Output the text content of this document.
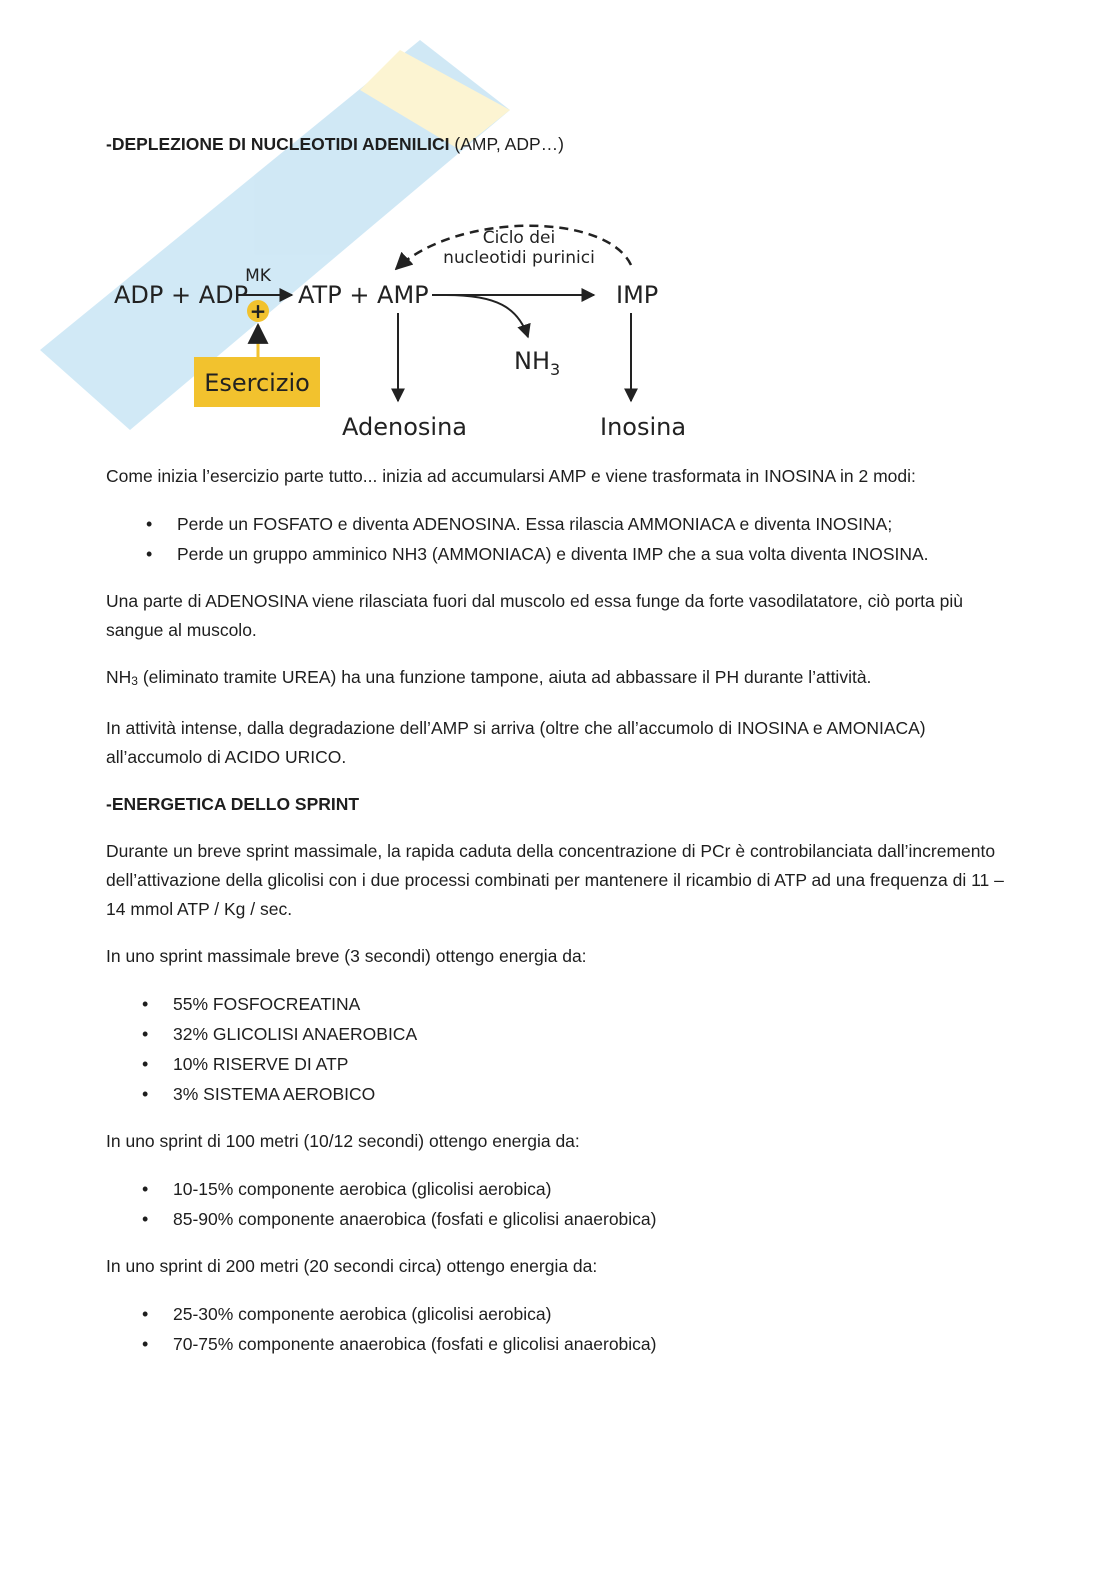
-DEPLEZIONE DI NUCLEOTIDI ADENILICI (AMP, ADP…)
Ciclo dei
nucleotidi purinici
ADP + ADP
MK
+
Esercizio
ATP + AMP	IMP
$NH_3$
Adenosina	Inosina

Come inizia l’esercizio parte tutto... inizia ad accumularsi AMP e viene trasformata in INOSINA in 2 modi:

• Perde un FOSFATO e diventa ADENOSINA. Essa rilascia AMMONIACA e diventa INOSINA;
• Perde un gruppo amminico NH3 (AMMONIACA) e diventa IMP che a sua volta diventa INOSINA.

Una parte di ADENOSINA viene rilasciata fuori dal muscolo ed essa funge da forte vasodilatatore, ciò porta più sangue al muscolo.

NH3 (eliminato tramite UREA) ha una funzione tampone, aiuta ad abbassare il PH durante l’attività.

In attività intense, dalla degradazione dell’AMP si arriva (oltre che all’accumolo di INOSINA e AMONIACA) all’accumolo di ACIDO URICO.

-ENERGETICA DELLO SPRINT

Durante un breve sprint massimale, la rapida caduta della concentrazione di PCr è controbilanciata dall’incremento dell’attivazione della glicolisi con i due processi combinati per mantenere il ricambio di ATP ad una frequenza di 11 – 14 mmol ATP / Kg / sec.

In uno sprint massimale breve (3 secondi) ottengo energia da:

• 55% FOSFOCREATINA
• 32% GLICOLISI ANAEROBICA
• 10% RISERVE DI ATP
• 3% SISTEMA AEROBICO

In uno sprint di 100 metri (10/12 secondi) ottengo energia da:

• 10-15% componente aerobica (glicolisi aerobica)
• 85-90% componente anaerobica (fosfati e glicolisi anaerobica)

In uno sprint di 200 metri (20 secondi circa) ottengo energia da:

• 25-30% componente aerobica (glicolisi aerobica)
• 70-75% componente anaerobica (fosfati e glicolisi anaerobica)
